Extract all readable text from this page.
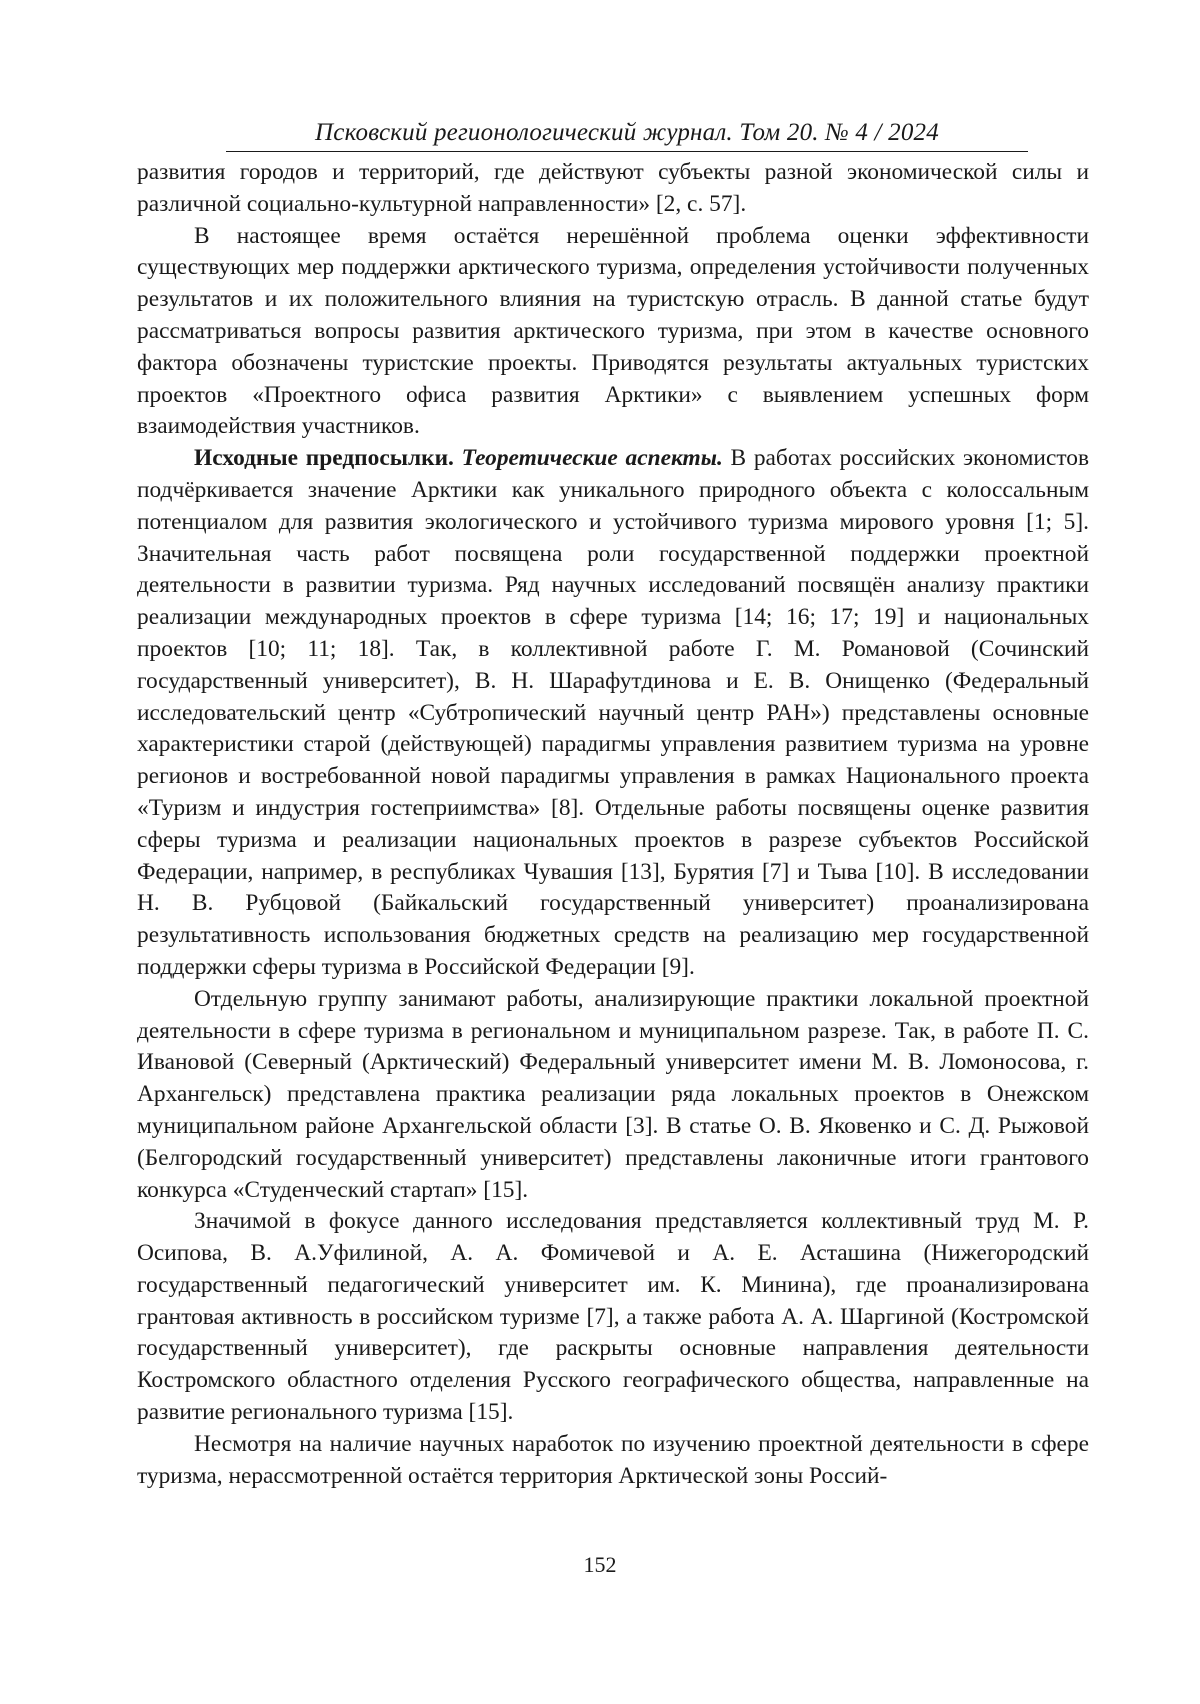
Псковский регионологический журнал. Том 20. № 4 / 2024

развития городов и территорий, где действуют субъекты разной экономической силы и различной социально-культурной направленности» [2, с. 57].

В настоящее время остаётся нерешённой проблема оценки эффективности существующих мер поддержки арктического туризма, определения устойчивости полученных результатов и их положительного влияния на туристскую отрасль. В данной статье будут рассматриваться вопросы развития арктического туризма, при этом в качестве основного фактора обозначены туристские проекты. Приводятся результаты актуальных туристских проектов «Проектного офиса развития Арктики» с выявлением успешных форм взаимодействия участников.

Исходные предпосылки. Теоретические аспекты. В работах российских экономистов подчёркивается значение Арктики как уникального природного объекта с колоссальным потенциалом для развития экологического и устойчивого туризма мирового уровня [1; 5]. Значительная часть работ посвящена роли государственной поддержки проектной деятельности в развитии туризма. Ряд научных исследований посвящён анализу практики реализации международных проектов в сфере туризма [14; 16; 17; 19] и национальных проектов [10; 11; 18]. Так, в коллективной работе Г. М. Романовой (Сочинский государственный университет), В. Н. Шарафутдинова и Е. В. Онищенко (Федеральный исследовательский центр «Субтропический научный центр РАН») представлены основные характеристики старой (действующей) парадигмы управления развитием туризма на уровне регионов и востребованной новой парадигмы управления в рамках Национального проекта «Туризм и индустрия гостеприимства» [8]. Отдельные работы посвящены оценке развития сферы туризма и реализации национальных проектов в разрезе субъектов Российской Федерации, например, в республиках Чувашия [13], Бурятия [7] и Тыва [10]. В исследовании Н. В. Рубцовой (Байкальский государственный университет) проанализирована результативность использования бюджетных средств на реализацию мер государственной поддержки сферы туризма в Российской Федерации [9].

Отдельную группу занимают работы, анализирующие практики локальной проектной деятельности в сфере туризма в региональном и муниципальном разрезе. Так, в работе П. С. Ивановой (Северный (Арктический) Федеральный университет имени М. В. Ломоносова, г. Архангельск) представлена практика реализации ряда локальных проектов в Онежском муниципальном районе Архангельской области [3]. В статье О. В. Яковенко и С. Д. Рыжовой (Белгородский государственный университет) представлены лаконичные итоги грантового конкурса «Студенческий стартап» [15].

Значимой в фокусе данного исследования представляется коллективный труд М. Р. Осипова, В. А.Уфилиной, А. А. Фомичевой и А. Е. Асташина (Нижегородский государственный педагогический университет им. К. Минина), где проанализирована грантовая активность в российском туризме [7], а также работа А. А. Шаргиной (Костромской государственный университет), где раскрыты основные направления деятельности Костромского областного отделения Русского географического общества, направленные на развитие регионального туризма [15].

Несмотря на наличие научных наработок по изучению проектной деятельности в сфере туризма, нерассмотренной остаётся территория Арктической зоны Россий-

152
